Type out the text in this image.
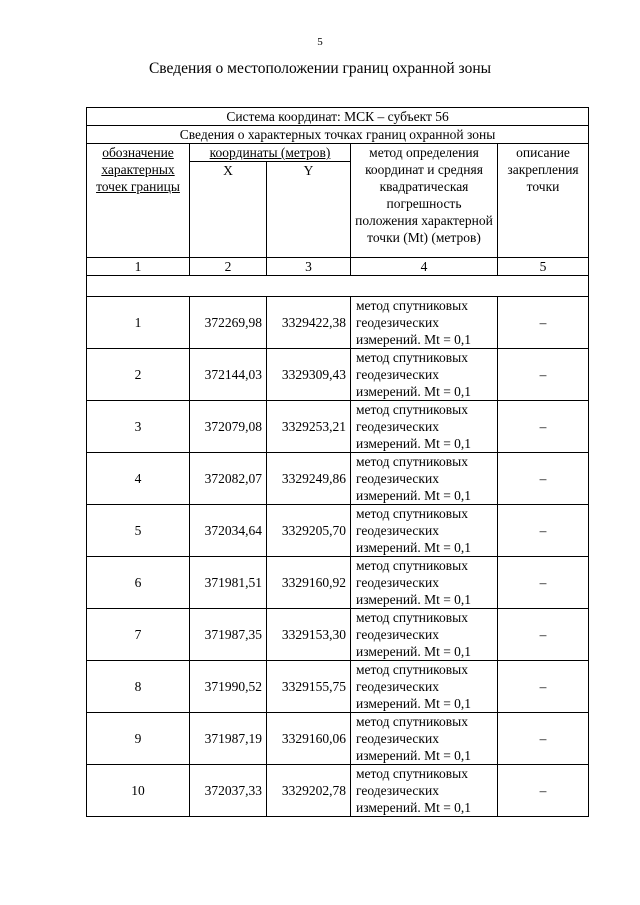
5
Сведения о местоположении границ охранной зоны
Система координат: МСК – субъект 56				
Сведения о характерных точках границ охранной зоны				
обозначение характерных точек границы	координаты (метров)		метод определения координат и средняя квадратическая погрешность положения характерной точки (Mt) (метров)	описание закрепления точки
	X	Y		
1	2	3	4	5

1	372269,98	3329422,38	метод спутниковых геодезических измерений. Mt = 0,1	–
2	372144,03	3329309,43	метод спутниковых геодезических измерений. Mt = 0,1	–
3	372079,08	3329253,21	метод спутниковых геодезических измерений. Mt = 0,1	–
4	372082,07	3329249,86	метод спутниковых геодезических измерений. Mt = 0,1	–
5	372034,64	3329205,70	метод спутниковых геодезических измерений. Mt = 0,1	–
6	371981,51	3329160,92	метод спутниковых геодезических измерений. Mt = 0,1	–
7	371987,35	3329153,30	метод спутниковых геодезических измерений. Mt = 0,1	–
8	371990,52	3329155,75	метод спутниковых геодезических измерений. Mt = 0,1	–
9	371987,19	3329160,06	метод спутниковых геодезических измерений. Mt = 0,1	–
10	372037,33	3329202,78	метод спутниковых геодезических измерений. Mt = 0,1	–
